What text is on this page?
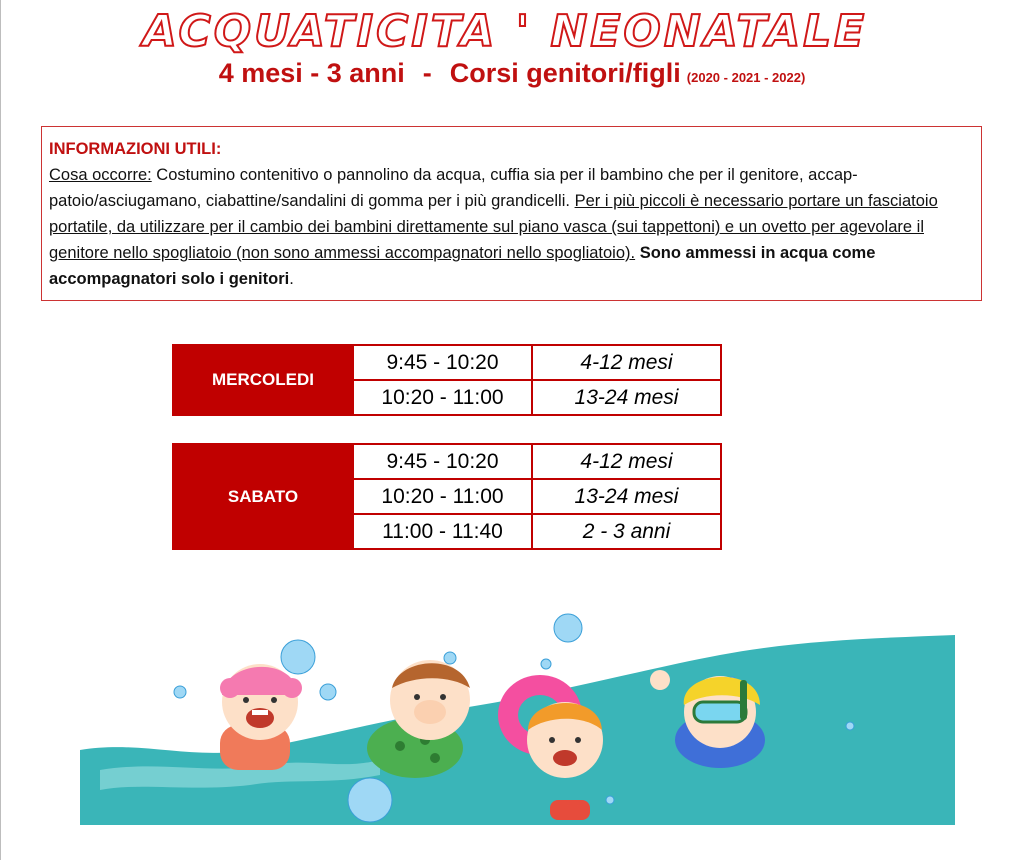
ACQUATICITA ' NEONATALE
4 mesi - 3 anni - Corsi genitori/figli (2020 - 2021 - 2022)
INFORMAZIONI UTILI:
Cosa occorre: Costumino contenitivo o pannolino da acqua, cuffia sia per il bambino che per il genitore, accap-patoio/asciugamano, ciabattine/sandalini di gomma per i più grandicelli. Per i più piccoli è necessario portare un fasciatoio portatile, da utilizzare per il cambio dei bambini direttamente sul piano vasca (sui tappettoni) e un ovetto per agevolare il genitore nello spogliatoio (non sono ammessi accompagnatori nello spogliatoio). Sono ammessi in acqua come accompagnatori solo i genitori.
MERCOLEDI	9:45 - 10:20	4-12 mesi
	10:20 - 11:00	13-24 mesi
SABATO	9:45 - 10:20	4-12 mesi
	10:20 - 11:00	13-24 mesi
	11:00 - 11:40	2 - 3 anni
